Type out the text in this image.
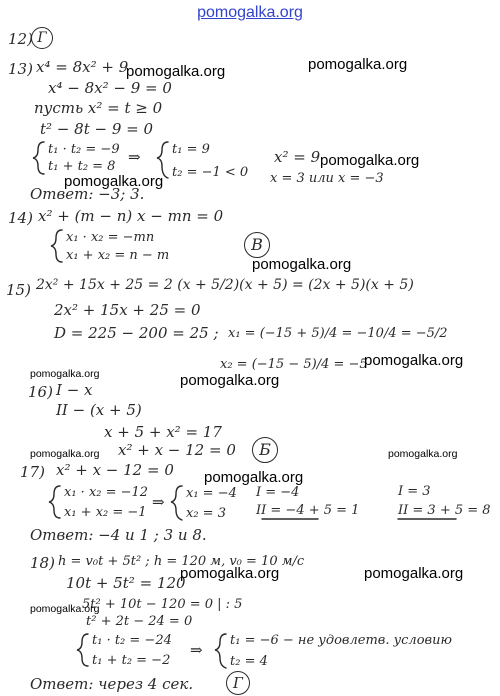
pomogalka.org
12) Г
13) x⁴ = 8x² + 9
x⁴ − 8x² − 9 = 0
пусть x² = t ≥ 0
t² − 8t − 9 = 0
t₁ · t₂ = −9
t₁ + t₂ = 8
⇒ t₁ = 9
t₂ = −1 < 0
x² = 9
x = 3 или x = −3
Ответ: −3; 3.
14) x² + (m − n) x − mn = 0
x₁ · x₂ = −mn
x₁ + x₂ = n − m
В
15) 2x² + 15x + 25 = 2 (x + 5/2)(x + 5) = (2x + 5)(x + 5)
2x² + 15x + 25 = 0
D = 225 − 200 = 25 ; x₁ = (−15 + 5)/4 = −10/4 = −5/2
x₂ = (−15 − 5)/4 = −5
16) I − x
II − (x + 5)
x + 5 + x² = 17
x² + x − 12 = 0	Б
17) x² + x − 12 = 0
x₁ · x₂ = −12
x₁ + x₂ = −1
⇒ x₁ = −4
x₂ = 3
I = −4
II = −4 + 5 = 1
I = 3
II = 3 + 5 = 8
Ответ: −4 и 1 ; 3 и 8.
18) h = v₀t + 5t² ; h = 120 м, v₀ = 10 м/с
10t + 5t² = 120
5t² + 10t − 120 = 0 | : 5
t² + 2t − 24 = 0
t₁ · t₂ = −24
t₁ + t₂ = −2
⇒
t₁ = −6 − не удовлетв. условию
t₂ = 4
Ответ: через 4 сек.	Г
pomogalka.org	pomogalka.org
pomogalka.org
pomogalka.org
pomogalka.org
pomogalka.org
pomogalka.org	pomogalka.org
pomogalka.org	pomogalka.org
pomogalka.org
pomogalka.org	pomogalka.org
pomogalka.org
